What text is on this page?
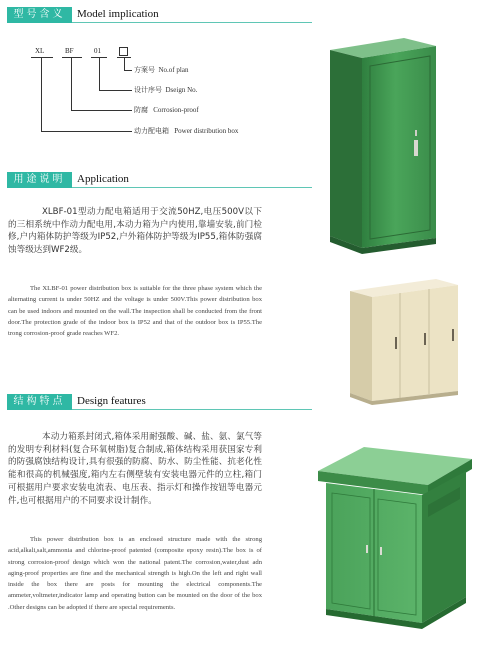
型号含义	Model implication
XL	BF	01
方案号 No.of plan
设计序号 Dseign No.
防腐 Corrosion-proof
动力配电箱 Power distribution box
用途说明	Application

XLBF-01型动力配电箱适用于交流50HZ,电压500V以下的三相系统中作动力配电用,本动力箱为户内使用,靠墙安装,前门检修,户内箱体防护等级为IP52,户外箱体防护等级为IP55,箱体防强腐蚀等级达到WF2级。

The XLBF-01 power distribution box is suitable for the three phase system which the alternating current is under 50HZ and the voltage is under 500V.This power distribution box can be used indoors and mounted on the wall.The inspection shall be conducted from the front door.The protection grade of the indoor box is IP52 and that of the outdoor box is IP55.The trong corrosion-proof grade reaches WF2.

结构特点	Design features

本动力箱系封闭式,箱体采用耐强酸、碱、盐、氨、氯气等的发明专利材料(复合环氧树脂)复合制成,箱体结构采用获国家专利的防强腐蚀结构设计,具有很强的防腐、防水、防尘性能、抗老化性能和很高的机械强度,箱内左右侧壁装有安装电器元件的立柱,箱门可根据用户要求安装电流表、电压表、指示灯和操作按钮等电器元件,也可根据用户的不同要求设计制作。

This power distribution box is an enclosed structure made with the strong acid,alkali,salt,ammonia and chlorine-proof patented (composite epoxy resin).The box is of strong corrosion-proof design which won the national patent.The corrosion,water,dust adn aging-proof properties are fine and the mechanical strength is high.On the left and right wall inside the box there are posts for mounting the electrical components.The ammeter,voltmeter,indicator lamp and operating button can be mounted on the door of the box .Other designs can be adopted if there are special requirements.
